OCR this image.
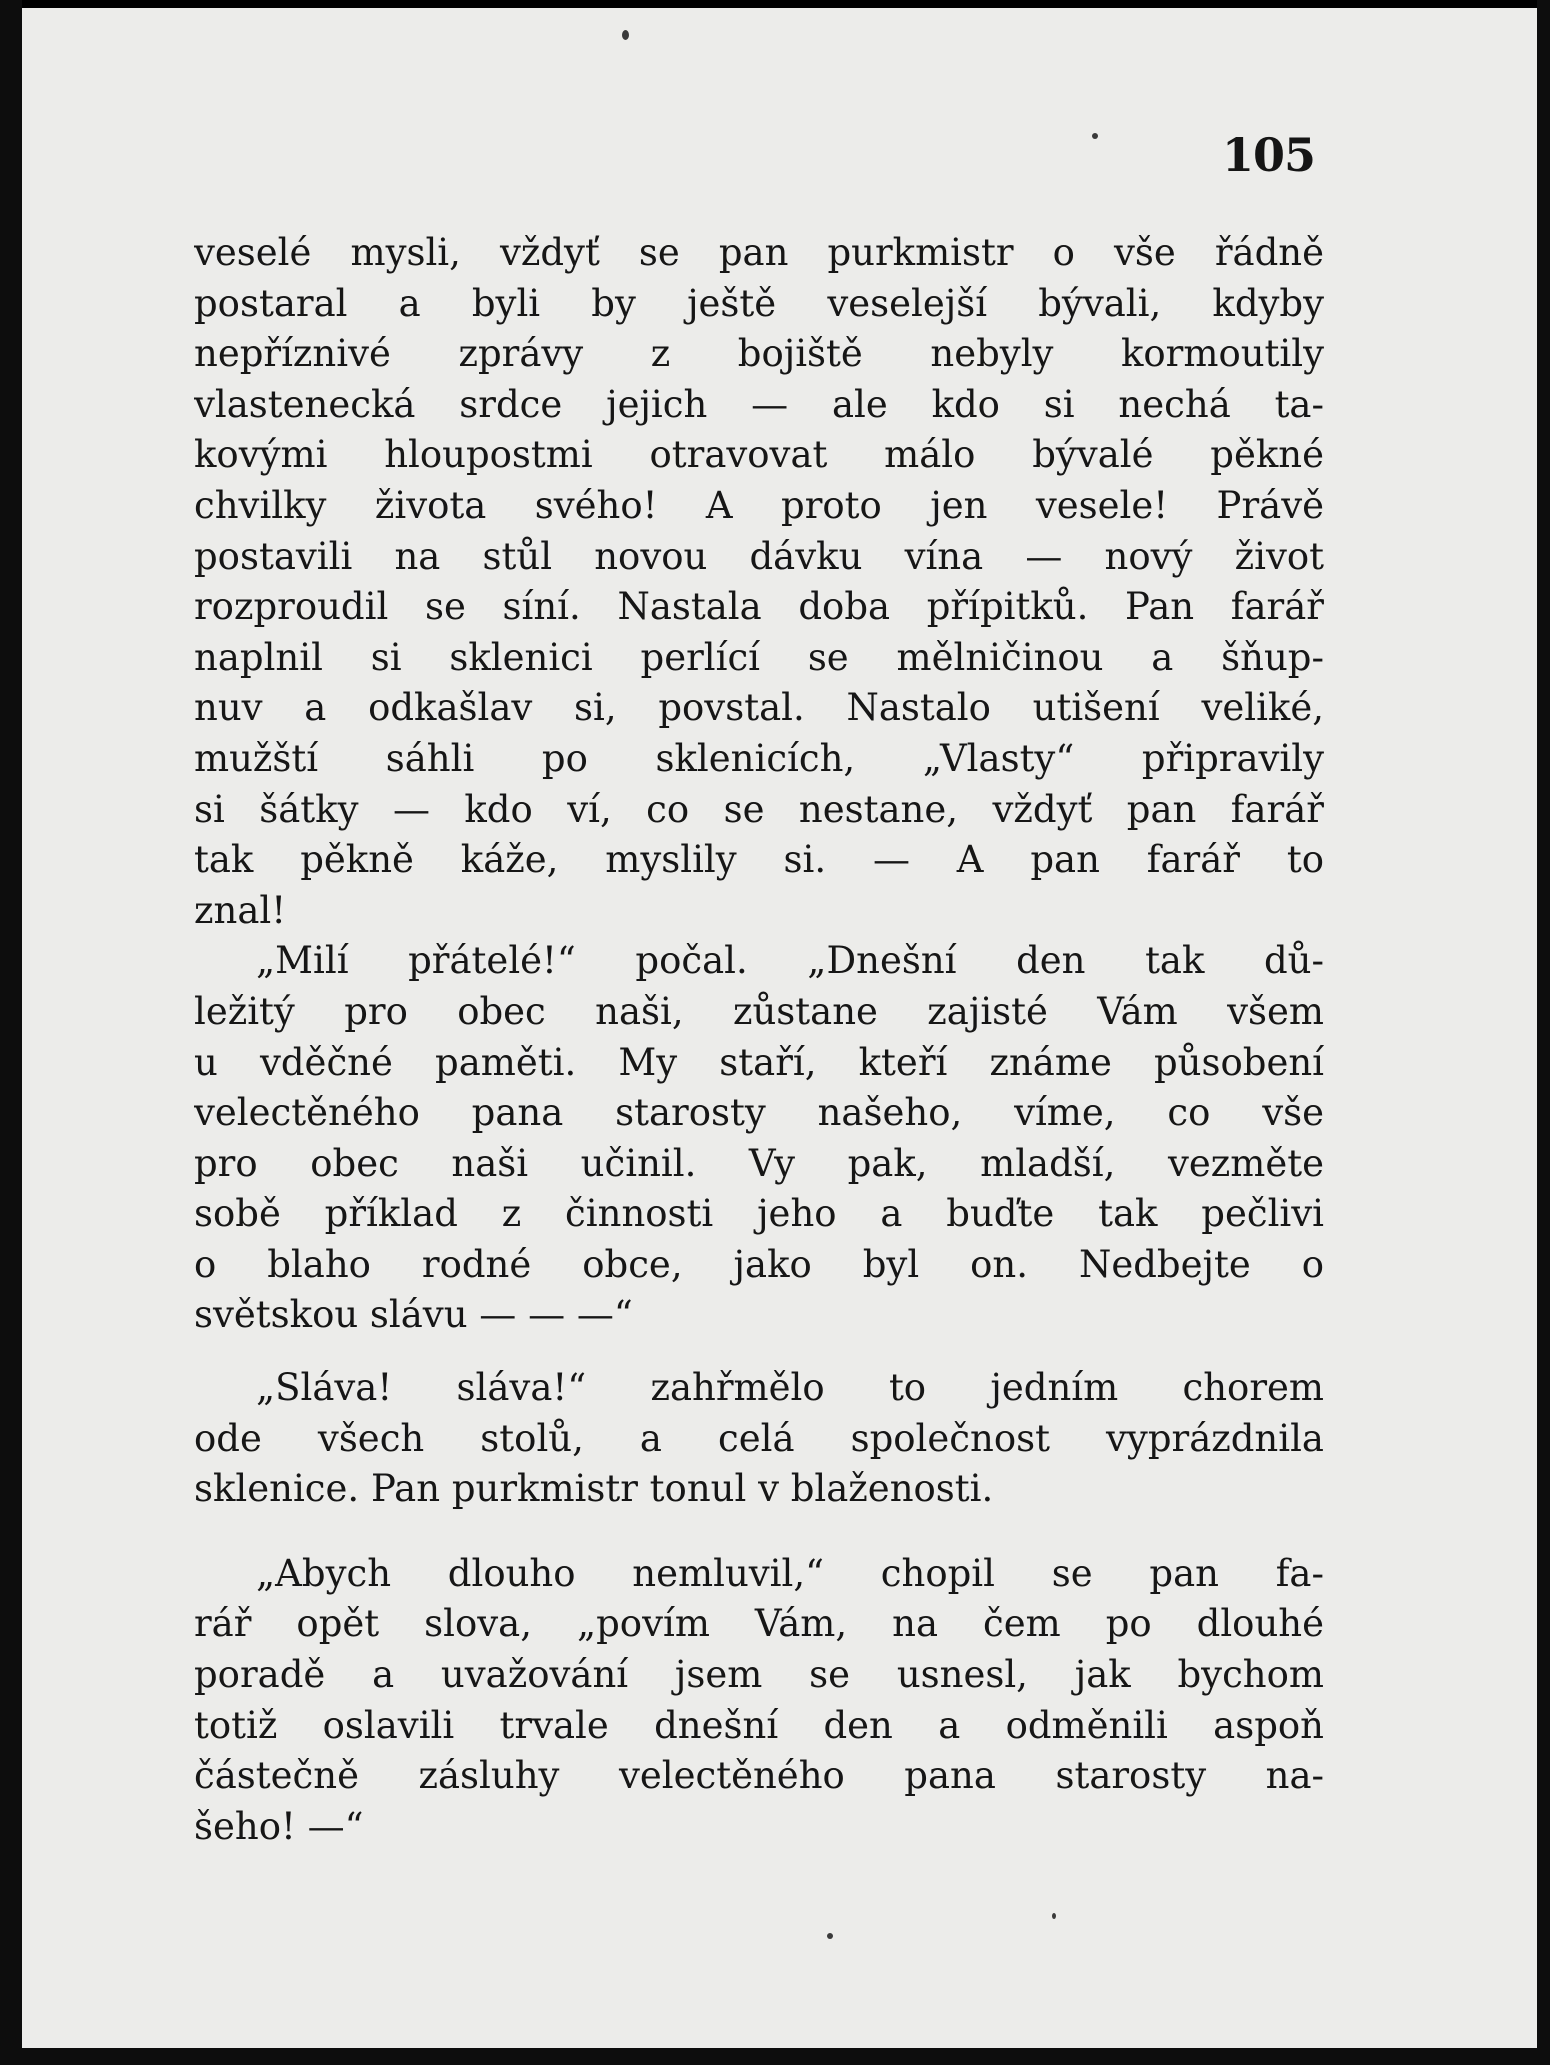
105
veselé mysli, vždyť se pan purkmistr o vše řádně
postaral a byli by ještě veselejší bývali, kdyby
nepříznivé zprávy z bojiště nebyly kormoutily
vlastenecká srdce jejich — ale kdo si nechá ta-
kovými hloupostmi otravovat málo bývalé pěkné
chvilky života svého! A proto jen vesele! Právě
postavili na stůl novou dávku vína — nový život
rozproudil se síní. Nastala doba přípitků. Pan farář
naplnil si sklenici perlící se mělničinou a šňup-
nuv a odkašlav si, povstal. Nastalo utišení veliké,
mužští sáhli po sklenicích, „Vlasty“ připravily
si šátky — kdo ví, co se nestane, vždyť pan farář
tak pěkně káže, myslily si. — A pan farář to
znal!
„Milí přátelé!“ počal. „Dnešní den tak dů-
ležitý pro obec naši, zůstane zajisté Vám všem
u vděčné paměti. My staří, kteří známe působení
velectěného pana starosty našeho, víme, co vše
pro obec naši učinil. Vy pak, mladší, vezměte
sobě příklad z činnosti jeho a buďte tak pečlivi
o blaho rodné obce, jako byl on. Nedbejte o
světskou slávu — — —“
„Sláva! sláva!“ zahřmělo to jedním chorem
ode všech stolů, a celá společnost vyprázdnila
sklenice. Pan purkmistr tonul v blaženosti.
„Abych dlouho nemluvil,“ chopil se pan fa-
rář opět slova, „povím Vám, na čem po dlouhé
poradě a uvažování jsem se usnesl, jak bychom
totiž oslavili trvale dnešní den a odměnili aspoň
částečně zásluhy velectěného pana starosty na-
šeho! —“
